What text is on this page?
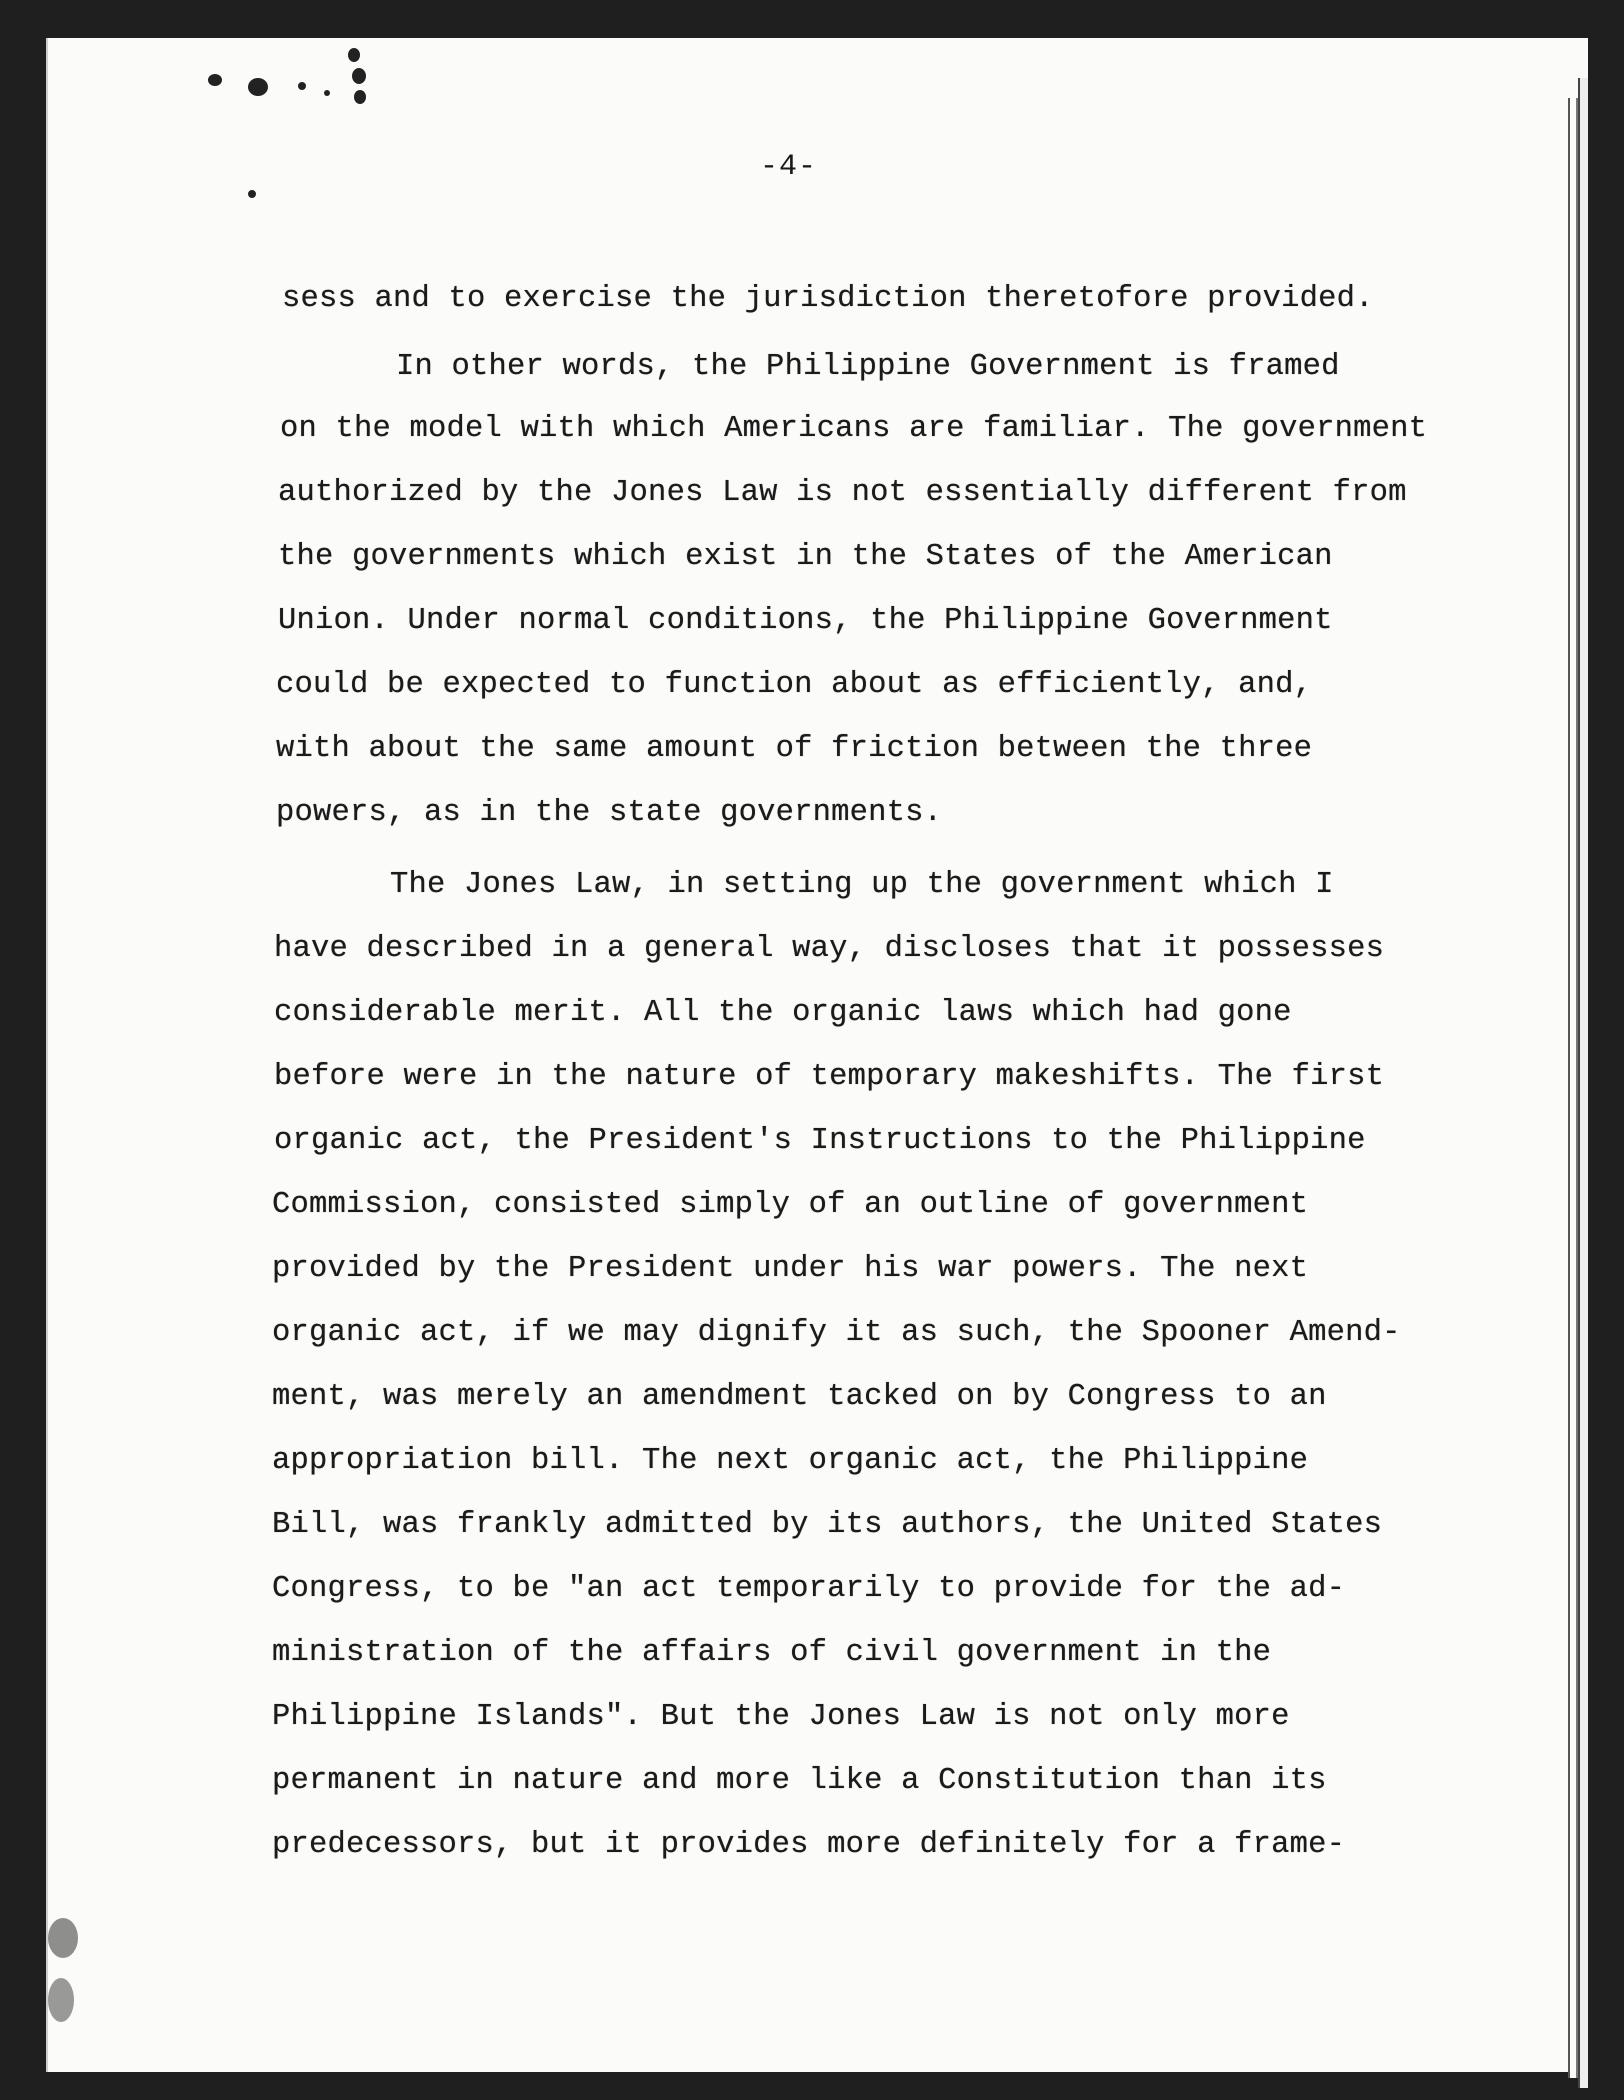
-4-
sess and to exercise the jurisdiction theretofore provided.
In other words, the Philippine Government is framed
on the model with which Americans are familiar. The government
authorized by the Jones Law is not essentially different from
the governments which exist in the States of the American
Union. Under normal conditions, the Philippine Government
could be expected to function about as efficiently, and,
with about the same amount of friction between the three
powers, as in the state governments.
The Jones Law, in setting up the government which I
have described in a general way, discloses that it possesses
considerable merit. All the organic laws which had gone
before were in the nature of temporary makeshifts. The first
organic act, the President's Instructions to the Philippine
Commission, consisted simply of an outline of government
provided by the President under his war powers. The next
organic act, if we may dignify it as such, the Spooner Amend-
ment, was merely an amendment tacked on by Congress to an
appropriation bill. The next organic act, the Philippine
Bill, was frankly admitted by its authors, the United States
Congress, to be "an act temporarily to provide for the ad-
ministration of the affairs of civil government in the
Philippine Islands". But the Jones Law is not only more
permanent in nature and more like a Constitution than its
predecessors, but it provides more definitely for a frame-
